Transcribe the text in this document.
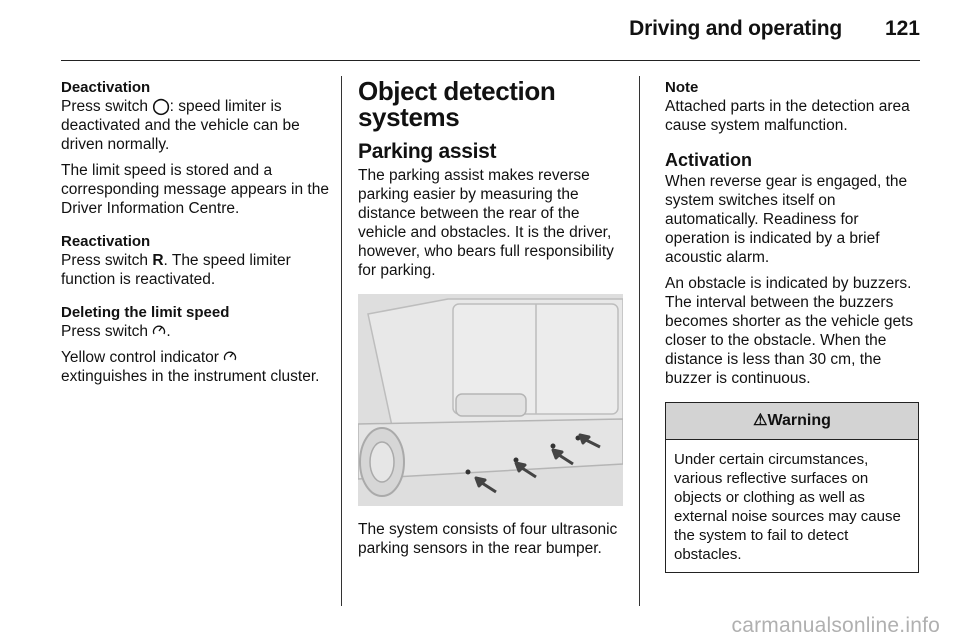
Driving and operating 121
Deactivation

Press switch ◯: speed limiter is deactivated and the vehicle can be driven normally.

The limit speed is stored and a corresponding message appears in the Driver Information Centre.

Reactivation

Press switch R. The speed limiter function is reactivated.

Deleting the limit speed

Press switch .

Yellow control indicator
extinguishes in the instrument cluster.

Object detection systems
Parking assist

The parking assist makes reverse parking easier by measuring the distance between the rear of the vehicle and obstacles. It is the driver, however, who bears full responsibility for parking.

The system consists of four ultrasonic parking sensors in the rear bumper.

Note

Attached parts in the detection area cause system malfunction.

Activation

When reverse gear is engaged, the system switches itself on automatically. Readiness for operation is indicated by a brief acoustic alarm.

An obstacle is indicated by buzzers. The interval between the buzzers becomes shorter as the vehicle gets closer to the obstacle. When the distance is less than 30 cm, the buzzer is continuous.

⚠Warning
Under certain circumstances, various reflective surfaces on objects or clothing as well as external noise sources may cause the system to fail to detect obstacles.
carmanualsonline.info
